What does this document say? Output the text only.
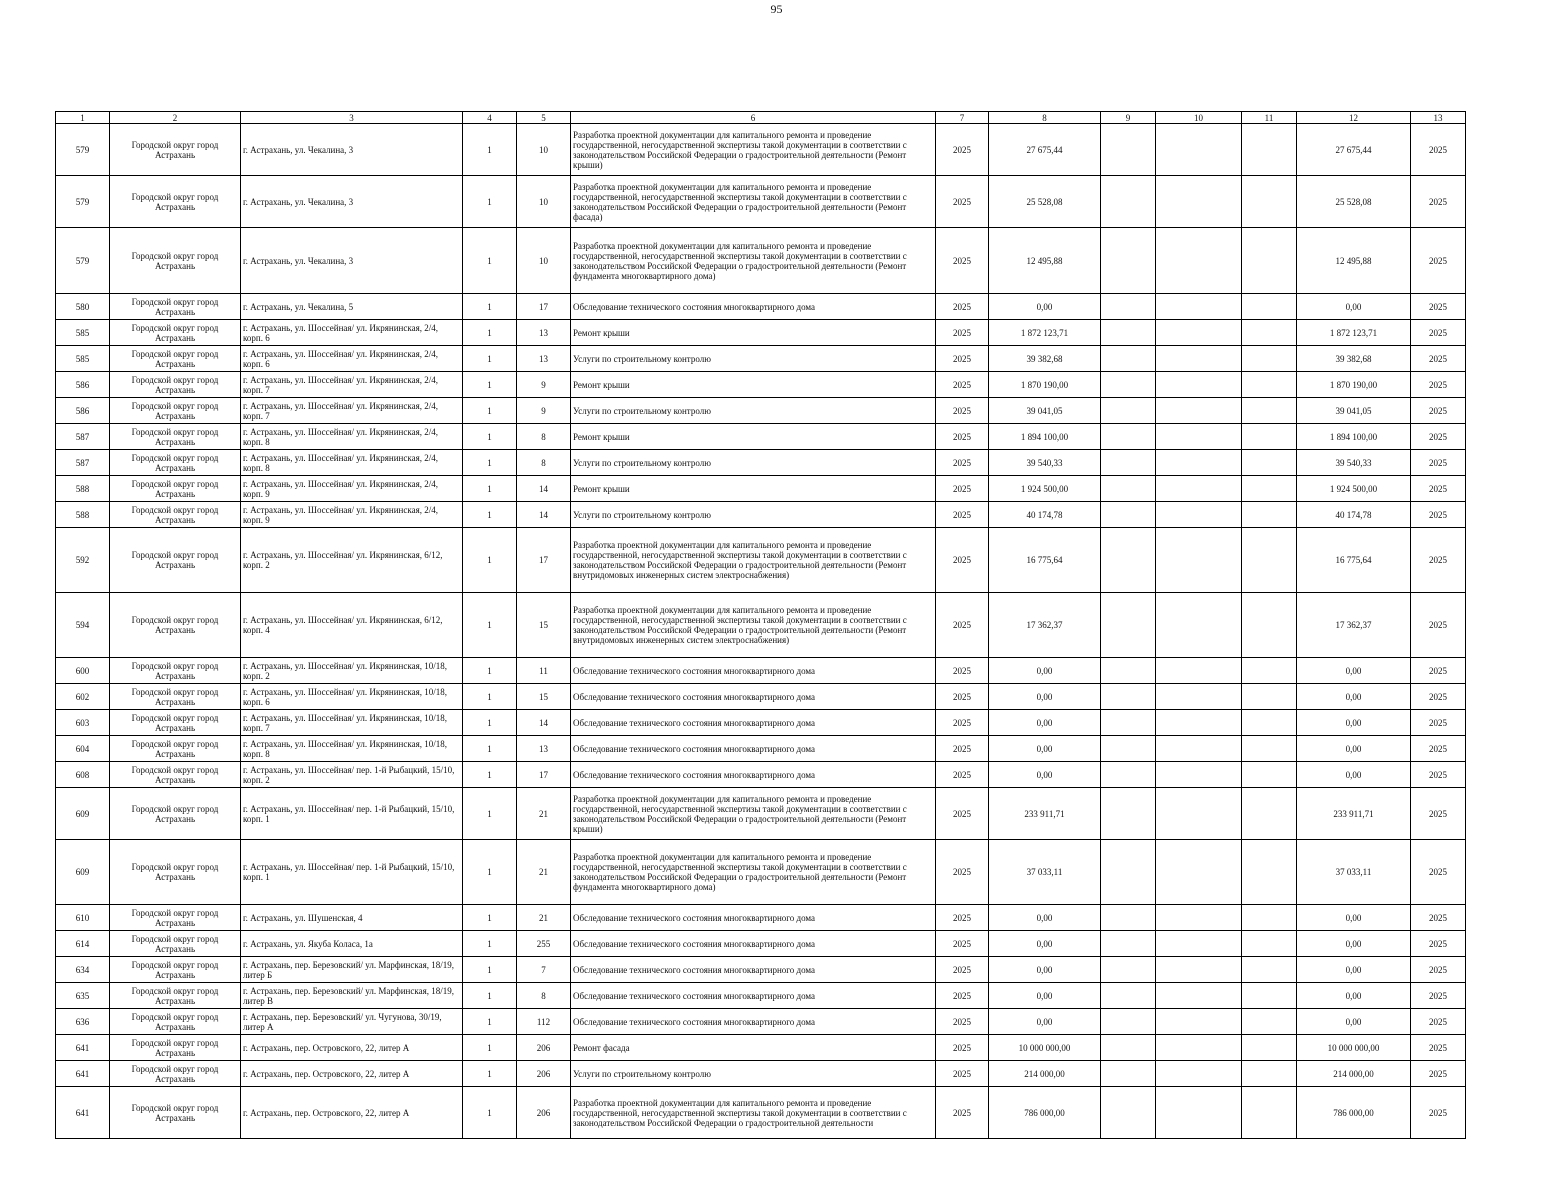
95
1	2	3	4	5	6	7	8	9	10	11	12	13
579	Городской округ город Астрахань	г. Астрахань, ул. Чекалина, 3	1	10	Разработка проектной документации для капитального ремонта и проведение государственной, негосударственной экспертизы такой документации в соответствии с законодательством Российской Федерации о градостроительной деятельности (Ремонт крыши)	2025	27 675,44				27 675,44	2025
579	Городской округ город Астрахань	г. Астрахань, ул. Чекалина, 3	1	10	Разработка проектной документации для капитального ремонта и проведение государственной, негосударственной экспертизы такой документации в соответствии с законодательством Российской Федерации о градостроительной деятельности (Ремонт фасада)	2025	25 528,08				25 528,08	2025
579	Городской округ город Астрахань	г. Астрахань, ул. Чекалина, 3	1	10	Разработка проектной документации для капитального ремонта и проведение государственной, негосударственной экспертизы такой документации в соответствии с законодательством Российской Федерации о градостроительной деятельности (Ремонт фундамента многоквартирного дома)	2025	12 495,88				12 495,88	2025
580	Городской округ город Астрахань	г. Астрахань, ул. Чекалина, 5	1	17	Обследование технического состояния многоквартирного дома	2025	0,00				0,00	2025
585	Городской округ город Астрахань	г. Астрахань, ул. Шоссейная/ ул. Икрянинская, 2/4, корп. 6	1	13	Ремонт крыши	2025	1 872 123,71				1 872 123,71	2025
585	Городской округ город Астрахань	г. Астрахань, ул. Шоссейная/ ул. Икрянинская, 2/4, корп. 6	1	13	Услуги по строительному контролю	2025	39 382,68				39 382,68	2025
586	Городской округ город Астрахань	г. Астрахань, ул. Шоссейная/ ул. Икрянинская, 2/4, корп. 7	1	9	Ремонт крыши	2025	1 870 190,00				1 870 190,00	2025
586	Городской округ город Астрахань	г. Астрахань, ул. Шоссейная/ ул. Икрянинская, 2/4, корп. 7	1	9	Услуги по строительному контролю	2025	39 041,05				39 041,05	2025
587	Городской округ город Астрахань	г. Астрахань, ул. Шоссейная/ ул. Икрянинская, 2/4, корп. 8	1	8	Ремонт крыши	2025	1 894 100,00				1 894 100,00	2025
587	Городской округ город Астрахань	г. Астрахань, ул. Шоссейная/ ул. Икрянинская, 2/4, корп. 8	1	8	Услуги по строительному контролю	2025	39 540,33				39 540,33	2025
588	Городской округ город Астрахань	г. Астрахань, ул. Шоссейная/ ул. Икрянинская, 2/4, корп. 9	1	14	Ремонт крыши	2025	1 924 500,00				1 924 500,00	2025
588	Городской округ город Астрахань	г. Астрахань, ул. Шоссейная/ ул. Икрянинская, 2/4, корп. 9	1	14	Услуги по строительному контролю	2025	40 174,78				40 174,78	2025
592	Городской округ город Астрахань	г. Астрахань, ул. Шоссейная/ ул. Икрянинская, 6/12, корп. 2	1	17	Разработка проектной документации для капитального ремонта и проведение государственной, негосударственной экспертизы такой документации в соответствии с законодательством Российской Федерации о градостроительной деятельности (Ремонт внутридомовых инженерных систем электроснабжения)	2025	16 775,64				16 775,64	2025
594	Городской округ город Астрахань	г. Астрахань, ул. Шоссейная/ ул. Икрянинская, 6/12, корп. 4	1	15	Разработка проектной документации для капитального ремонта и проведение государственной, негосударственной экспертизы такой документации в соответствии с законодательством Российской Федерации о градостроительной деятельности (Ремонт внутридомовых инженерных систем электроснабжения)	2025	17 362,37				17 362,37	2025
600	Городской округ город Астрахань	г. Астрахань, ул. Шоссейная/ ул. Икрянинская, 10/18, корп. 2	1	11	Обследование технического состояния многоквартирного дома	2025	0,00				0,00	2025
602	Городской округ город Астрахань	г. Астрахань, ул. Шоссейная/ ул. Икрянинская, 10/18, корп. 6	1	15	Обследование технического состояния многоквартирного дома	2025	0,00				0,00	2025
603	Городской округ город Астрахань	г. Астрахань, ул. Шоссейная/ ул. Икрянинская, 10/18, корп. 7	1	14	Обследование технического состояния многоквартирного дома	2025	0,00				0,00	2025
604	Городской округ город Астрахань	г. Астрахань, ул. Шоссейная/ ул. Икрянинская, 10/18, корп. 8	1	13	Обследование технического состояния многоквартирного дома	2025	0,00				0,00	2025
608	Городской округ город Астрахань	г. Астрахань, ул. Шоссейная/ пер. 1-й Рыбацкий, 15/10, корп. 2	1	17	Обследование технического состояния многоквартирного дома	2025	0,00				0,00	2025
609	Городской округ город Астрахань	г. Астрахань, ул. Шоссейная/ пер. 1-й Рыбацкий, 15/10, корп. 1	1	21	Разработка проектной документации для капитального ремонта и проведение государственной, негосударственной экспертизы такой документации в соответствии с законодательством Российской Федерации о градостроительной деятельности (Ремонт крыши)	2025	233 911,71				233 911,71	2025
609	Городской округ город Астрахань	г. Астрахань, ул. Шоссейная/ пер. 1-й Рыбацкий, 15/10, корп. 1	1	21	Разработка проектной документации для капитального ремонта и проведение государственной, негосударственной экспертизы такой документации в соответствии с законодательством Российской Федерации о градостроительной деятельности (Ремонт фундамента многоквартирного дома)	2025	37 033,11				37 033,11	2025
610	Городской округ город Астрахань	г. Астрахань, ул. Шушенская, 4	1	21	Обследование технического состояния многоквартирного дома	2025	0,00				0,00	2025
614	Городской округ город Астрахань	г. Астрахань, ул. Якуба Коласа, 1а	1	255	Обследование технического состояния многоквартирного дома	2025	0,00				0,00	2025
634	Городской округ город Астрахань	г. Астрахань, пер. Березовский/ ул. Марфинская, 18/19, литер Б	1	7	Обследование технического состояния многоквартирного дома	2025	0,00				0,00	2025
635	Городской округ город Астрахань	г. Астрахань, пер. Березовский/ ул. Марфинская, 18/19, литер В	1	8	Обследование технического состояния многоквартирного дома	2025	0,00				0,00	2025
636	Городской округ город Астрахань	г. Астрахань, пер. Березовский/ ул. Чугунова, 30/19, литер А	1	112	Обследование технического состояния многоквартирного дома	2025	0,00				0,00	2025
641	Городской округ город Астрахань	г. Астрахань, пер. Островского, 22, литер А	1	206	Ремонт фасада	2025	10 000 000,00				10 000 000,00	2025
641	Городской округ город Астрахань	г. Астрахань, пер. Островского, 22, литер А	1	206	Услуги по строительному контролю	2025	214 000,00				214 000,00	2025
641	Городской округ город Астрахань	г. Астрахань, пер. Островского, 22, литер А	1	206	Разработка проектной документации для капитального ремонта и проведение государственной, негосударственной экспертизы такой документации в соответствии с законодательством Российской Федерации о градостроительной деятельности	2025	786 000,00				786 000,00	2025
